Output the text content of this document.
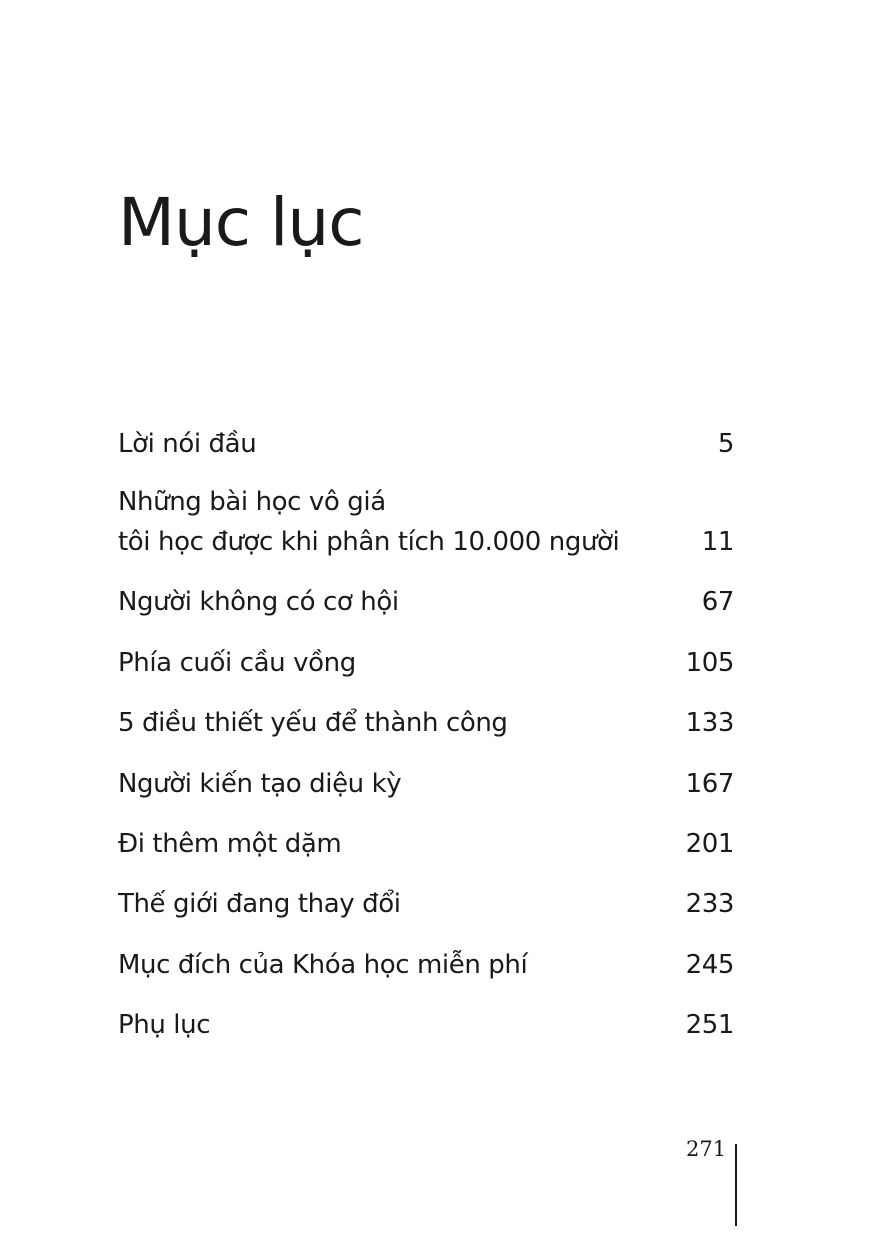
Mục lục
Lời nói đầu	5
Những bài học vô giá
tôi học được khi phân tích 10.000 người	11
Người không có cơ hội	67
Phía cuối cầu vồng	105
5 điều thiết yếu để thành công	133
Người kiến tạo diệu kỳ	167
Đi thêm một dặm	201
Thế giới đang thay đổi	233
Mục đích của Khóa học miễn phí	245
Phụ lục	251
271
